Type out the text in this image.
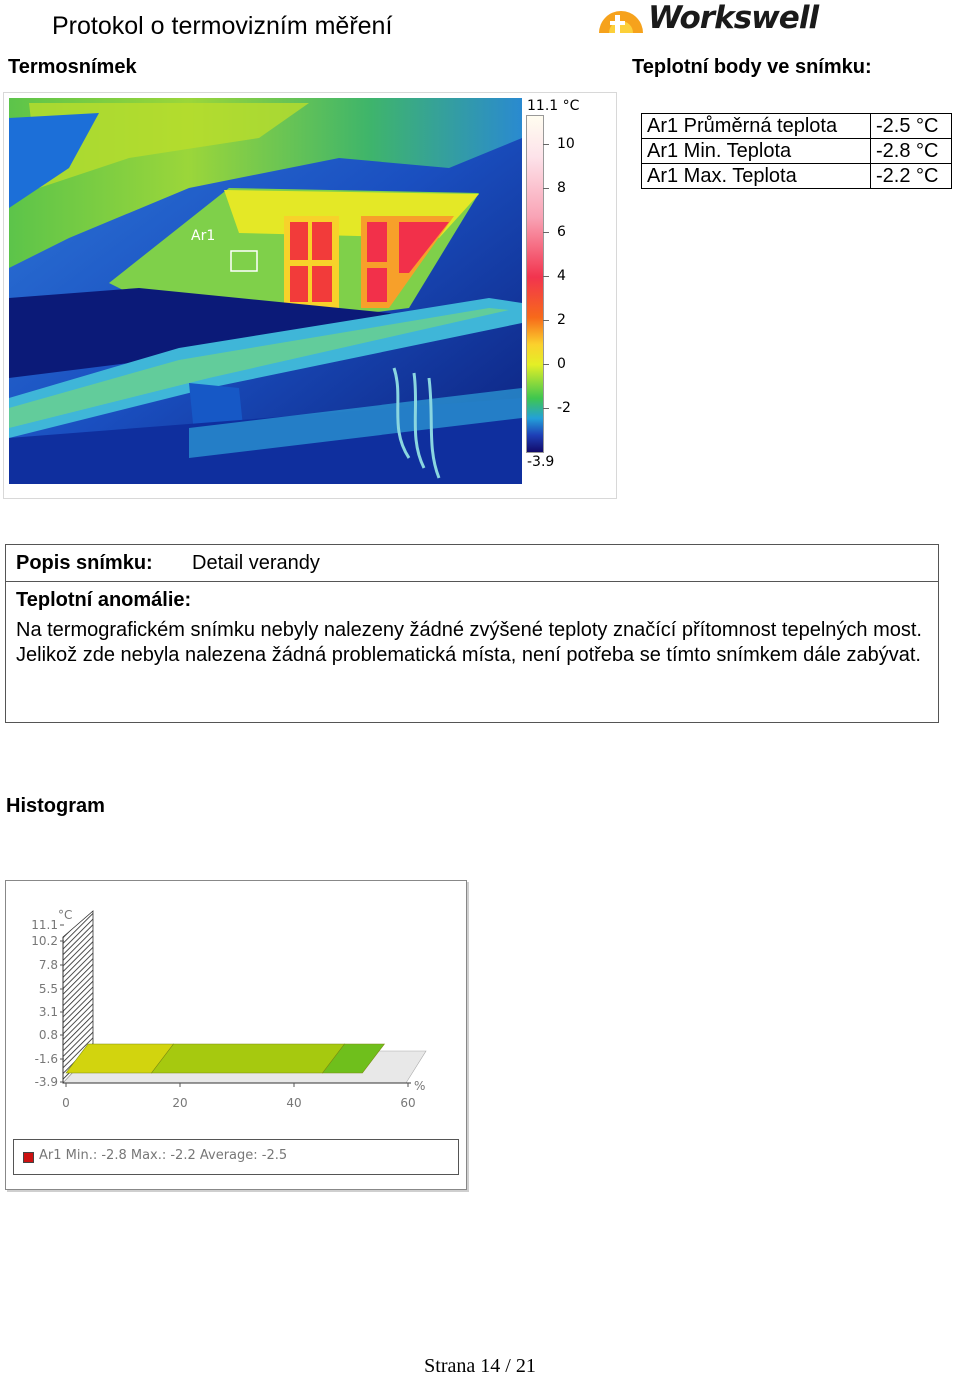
Protokol o termovizním měření	Workswell
Termosnímek	Teplotní body ve snímku:
Ar1
11.1 °C
10
8
6
4
2
0
-2
-3.9
Ar1 Průměrná teplota	-2.5 °C
Ar1 Min. Teplota	-2.8 °C
Ar1 Max. Teplota	-2.2 °C
Popis snímku: Detail verandy
Teplotní anomálie:
Na termografickém snímku nebyly nalezeny žádné zvýšené teploty značící přítomnost tepelných most. Jelikož zde nebyla nalezena žádná problematická místa, není potřeba se tímto snímkem dále zabývat.
Histogram
11.1
10.2
7.8
5.5
3.1
0.8
-1.6
-3.9
0	20	40	60
°C
%
Ar1 Min.: -2.8 Max.: -2.2 Average: -2.5
Strana 14 / 21
